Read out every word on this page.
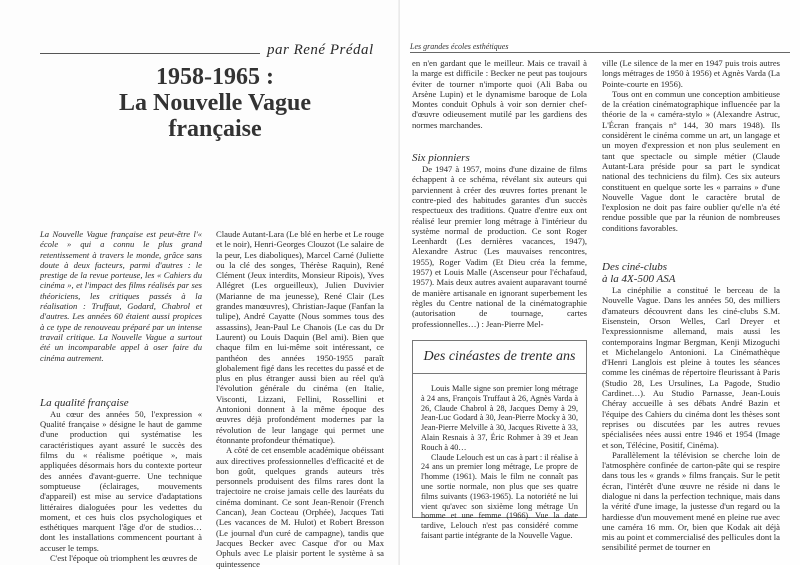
par René Prédal
1958-1965 :
La Nouvelle Vague
française

La Nouvelle Vague française est peut-être l'« école » qui a connu le plus grand retentissement à travers le monde, grâce sans doute à deux facteurs, parmi d'autres : le prestige de la revue porteuse, les « Cahiers du cinéma », et l'impact des films réalisés par ses théoriciens, les critiques passés à la réalisation : Truffaut, Godard, Chabrol et d'autres. Les années 60 étaient aussi propices à ce type de renouveau préparé par un intense travail critique. La Nouvelle Vague a surtout été un incomparable appel à oser faire du cinéma autrement.

La qualité française

Au cœur des années 50, l'expression « Qualité française » désigne le haut de gamme d'une production qui systématise les caractéristiques ayant assuré le succès des films du « réalisme poétique », mais appliquées désormais hors du contexte porteur des années d'avant-guerre. Une technique somptueuse (éclairages, mouvements d'appareil) est mise au service d'adaptations littéraires dialoguées pour les vedettes du moment, et ces huis clos psychologiques et esthétiques marquent l'âge d'or de studios… dont les installations commencent pourtant à accuser le temps.

C'est l'époque où triomphent les œuvres de

Claude Autant-Lara (Le blé en herbe et Le rouge et le noir), Henri-Georges Clouzot (Le salaire de la peur, Les diaboliques), Marcel Carné (Juliette ou la clé des songes, Thérèse Raquin), René Clément (Jeux interdits, Monsieur Ripois), Yves Allégret (Les orgueilleux), Julien Duvivier (Marianne de ma jeunesse), René Clair (Les grandes manœuvres), Christian-Jaque (Fanfan la tulipe), André Cayatte (Nous sommes tous des assassins), Jean-Paul Le Chanois (Le cas du Dr Laurent) ou Louis Daquin (Bel ami). Bien que chaque film en lui-même soit intéressant, ce panthéon des années 1950-1955 paraît globalement figé dans les recettes du passé et de plus en plus étranger aussi bien au réel qu'à l'évolution générale du cinéma (en Italie, Visconti, Lizzani, Fellini, Rossellini et Antonioni donnent à la même époque des œuvres déjà profondément modernes par la révolution de leur langage qui permet une étonnante profondeur thématique).

A côté de cet ensemble académique obéissant aux directives professionnelles d'efficacité et de bon goût, quelques grands auteurs très personnels produisent des films rares dont la trajectoire ne croise jamais celle des lauréats du cinéma dominant. Ce sont Jean-Renoir (French Cancan), Jean Cocteau (Orphée), Jacques Tati (Les vacances de M. Hulot) et Robert Bresson (Le journal d'un curé de campagne), tandis que Jacques Becker avec Casque d'or ou Max Ophuls avec Le plaisir portent le système à sa quintessence

Les grandes écoles esthétiques

en n'en gardant que le meilleur. Mais ce travail à la marge est difficile : Becker ne peut pas toujours éviter de tourner n'importe quoi (Ali Baba ou Arsène Lupin) et le dynamisme baroque de Lola Montes conduit Ophuls à voir son dernier chef-d'œuvre odieusement mutilé par les gardiens des normes marchandes.

Six pionniers

De 1947 à 1957, moins d'une dizaine de films échappent à ce schéma, révélant six auteurs qui parviennent à créer des œuvres fortes prenant le contre-pied des habitudes garantes d'un succès respectueux des traditions. Quatre d'entre eux ont réalisé leur premier long métrage à l'intérieur du système normal de production. Ce sont Roger Leenhardt (Les dernières vacances, 1947), Alexandre Astruc (Les mauvaises rencontres, 1955), Roger Vadim (Et Dieu créa la femme, 1957) et Louis Malle (Ascenseur pour l'échafaud, 1957). Mais deux autres avaient auparavant tourné de manière artisanale en ignorant superbement les règles du Centre national de la cinématographie (autorisation de tournage, cartes professionnelles…) : Jean-Pierre Mel-

Des cinéastes de trente ans

Louis Malle signe son premier long métrage à 24 ans, François Truffaut à 26, Agnès Varda à 26, Claude Chabrol à 28, Jacques Demy à 29, Jean-Luc Godard à 30, Jean-Pierre Mocky à 30, Jean-Pierre Melville à 30, Jacques Rivette à 33, Alain Resnais à 37, Éric Rohmer à 39 et Jean Rouch à 40…

Claude Lelouch est un cas à part : il réalise à 24 ans un premier long métrage, Le propre de l'homme (1961). Mais le film ne connaît pas une sortie normale, non plus que ses quatre films suivants (1963-1965). La notoriété ne lui vient qu'avec son sixième long métrage Un homme et une femme (1966). Vue la date tardive, Lelouch n'est pas considéré comme faisant partie intégrante de la Nouvelle Vague.

ville (Le silence de la mer en 1947 puis trois autres longs métrages de 1950 à 1956) et Agnès Varda (La Pointe-courte en 1956).

Tous ont en commun une conception ambitieuse de la création cinématographique influencée par la théorie de la « caméra-stylo » (Alexandre Astruc, L'Écran français n° 144, 30 mars 1948). Ils considèrent le cinéma comme un art, un langage et un moyen d'expression et non plus seulement en tant que spectacle ou simple métier (Claude Autant-Lara préside pour sa part le syndicat national des techniciens du film). Ces six auteurs constituent en quelque sorte les « parrains » d'une Nouvelle Vague dont le caractère brutal de l'explosion ne doit pas faire oublier qu'elle n'a été rendue possible que par la réunion de nombreuses conditions favorables.

Des ciné-clubs

à la 4X-500 ASA

La cinéphilie a constitué le berceau de la Nouvelle Vague. Dans les années 50, des milliers d'amateurs découvrent dans les ciné-clubs S.M. Eisenstein, Orson Welles, Carl Dreyer et l'expressionnisme allemand, mais aussi les contemporains Ingmar Bergman, Kenji Mizoguchi et Michelangelo Antonioni. La Cinémathèque d'Henri Langlois est pleine à toutes les séances comme les cinémas de répertoire fleurissant à Paris (Studio 28, Les Ursulines, La Pagode, Studio Cardinet…). Au Studio Parnasse, Jean-Louis Chéray accueille à ses débats André Bazin et l'équipe des Cahiers du cinéma dont les thèses sont reprises ou discutées par les autres revues spécialisées nées aussi entre 1946 et 1954 (Image et son, Télécine, Positif, Cinéma).

Parallèlement la télévision se cherche loin de l'atmosphère confinée de carton-pâte qui se respire dans tous les « grands » films français. Sur le petit écran, l'intérêt d'une œuvre ne réside ni dans le dialogue ni dans la perfection technique, mais dans la vérité d'une image, la justesse d'un regard ou la hardiesse d'un mouvement mené en pleine rue avec une caméra 16 mm. Or, bien que Kodak ait déjà mis au point et commercialisé des pellicules dont la sensibilité permet de tourner en
